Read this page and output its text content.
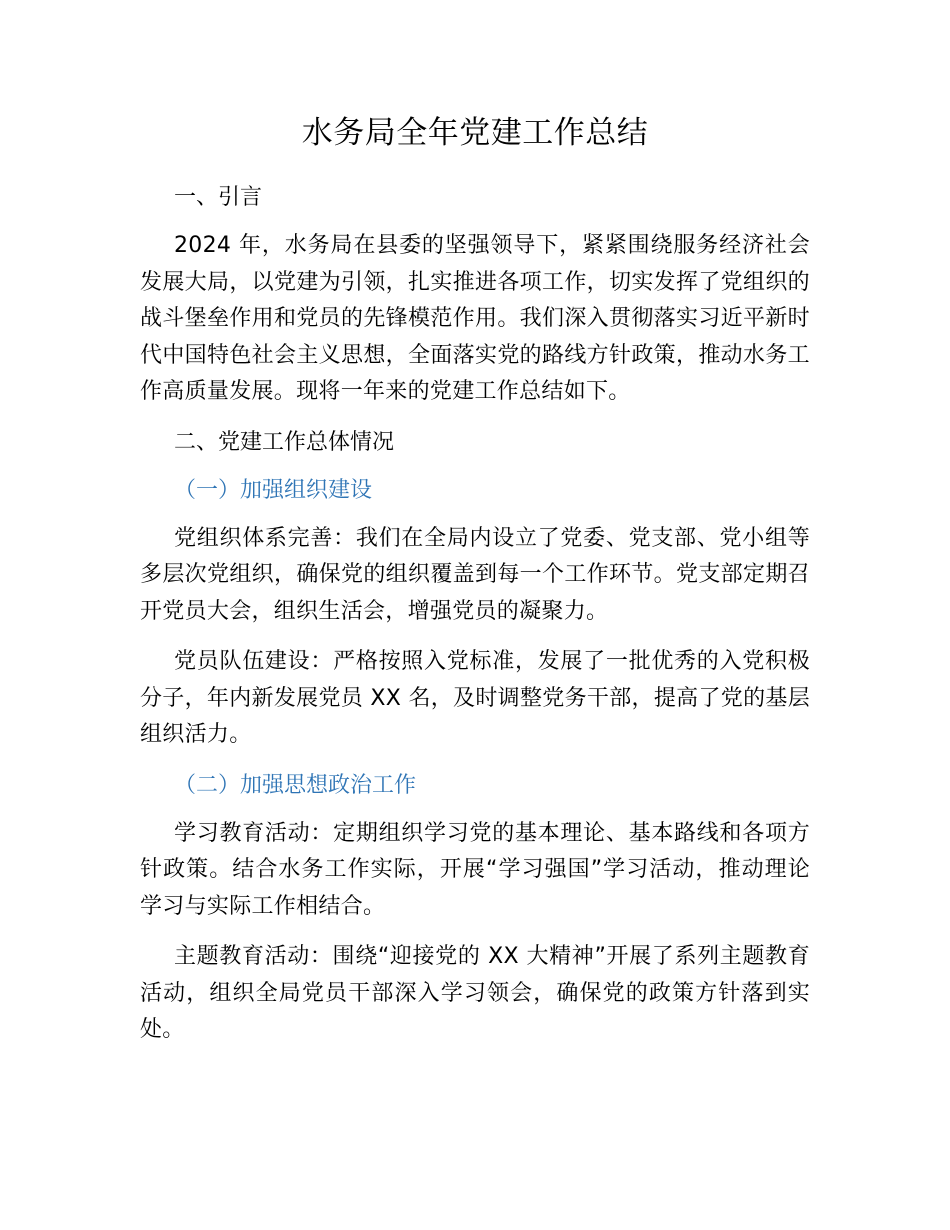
水务局全年党建工作总结
一、引言

2024 年，水务局在县委的坚强领导下，紧紧围绕服务经济社会发展大局，以党建为引领，扎实推进各项工作，切实发挥了党组织的战斗堡垒作用和党员的先锋模范作用。我们深入贯彻落实习近平新时代中国特色社会主义思想，全面落实党的路线方针政策，推动水务工作高质量发展。现将一年来的党建工作总结如下。

二、党建工作总体情况
（一）加强组织建设

党组织体系完善：我们在全局内设立了党委、党支部、党小组等多层次党组织，确保党的组织覆盖到每一个工作环节。党支部定期召开党员大会，组织生活会，增强党员的凝聚力。

党员队伍建设：严格按照入党标准，发展了一批优秀的入党积极分子，年内新发展党员 XX 名，及时调整党务干部，提高了党的基层组织活力。

（二）加强思想政治工作

学习教育活动：定期组织学习党的基本理论、基本路线和各项方针政策。结合水务工作实际，开展“学习强国”学习活动，推动理论学习与实际工作相结合。

主题教育活动：围绕“迎接党的 XX 大精神”开展了系列主题教育活动，组织全局党员干部深入学习领会，确保党的政策方针落到实处。
